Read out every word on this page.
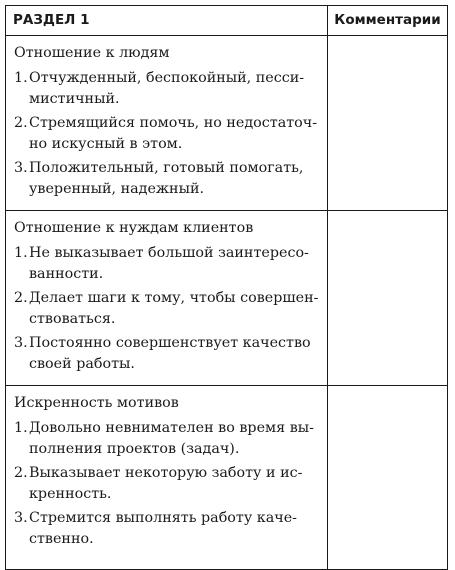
РАЗДЕЛ 1	Комментарии
Отношение к людям
1. Отчужденный, беспокойный, песси-
мистичный.
2. Стремящийся помочь, но недостаточ-
но искусный в этом.
3. Положительный, готовый помогать,
уверенный, надежный.
Отношение к нуждам клиентов
1. Не выказывает большой заинтересо-
ванности.
2. Делает шаги к тому, чтобы совершен-
ствоваться.
3. Постоянно совершенствует качество
своей работы.
Искренность мотивов
1. Довольно невнимателен во время вы-
полнения проектов (задач).
2. Выказывает некоторую заботу и ис-
кренность.
3. Стремится выполнять работу каче-
ственно.
